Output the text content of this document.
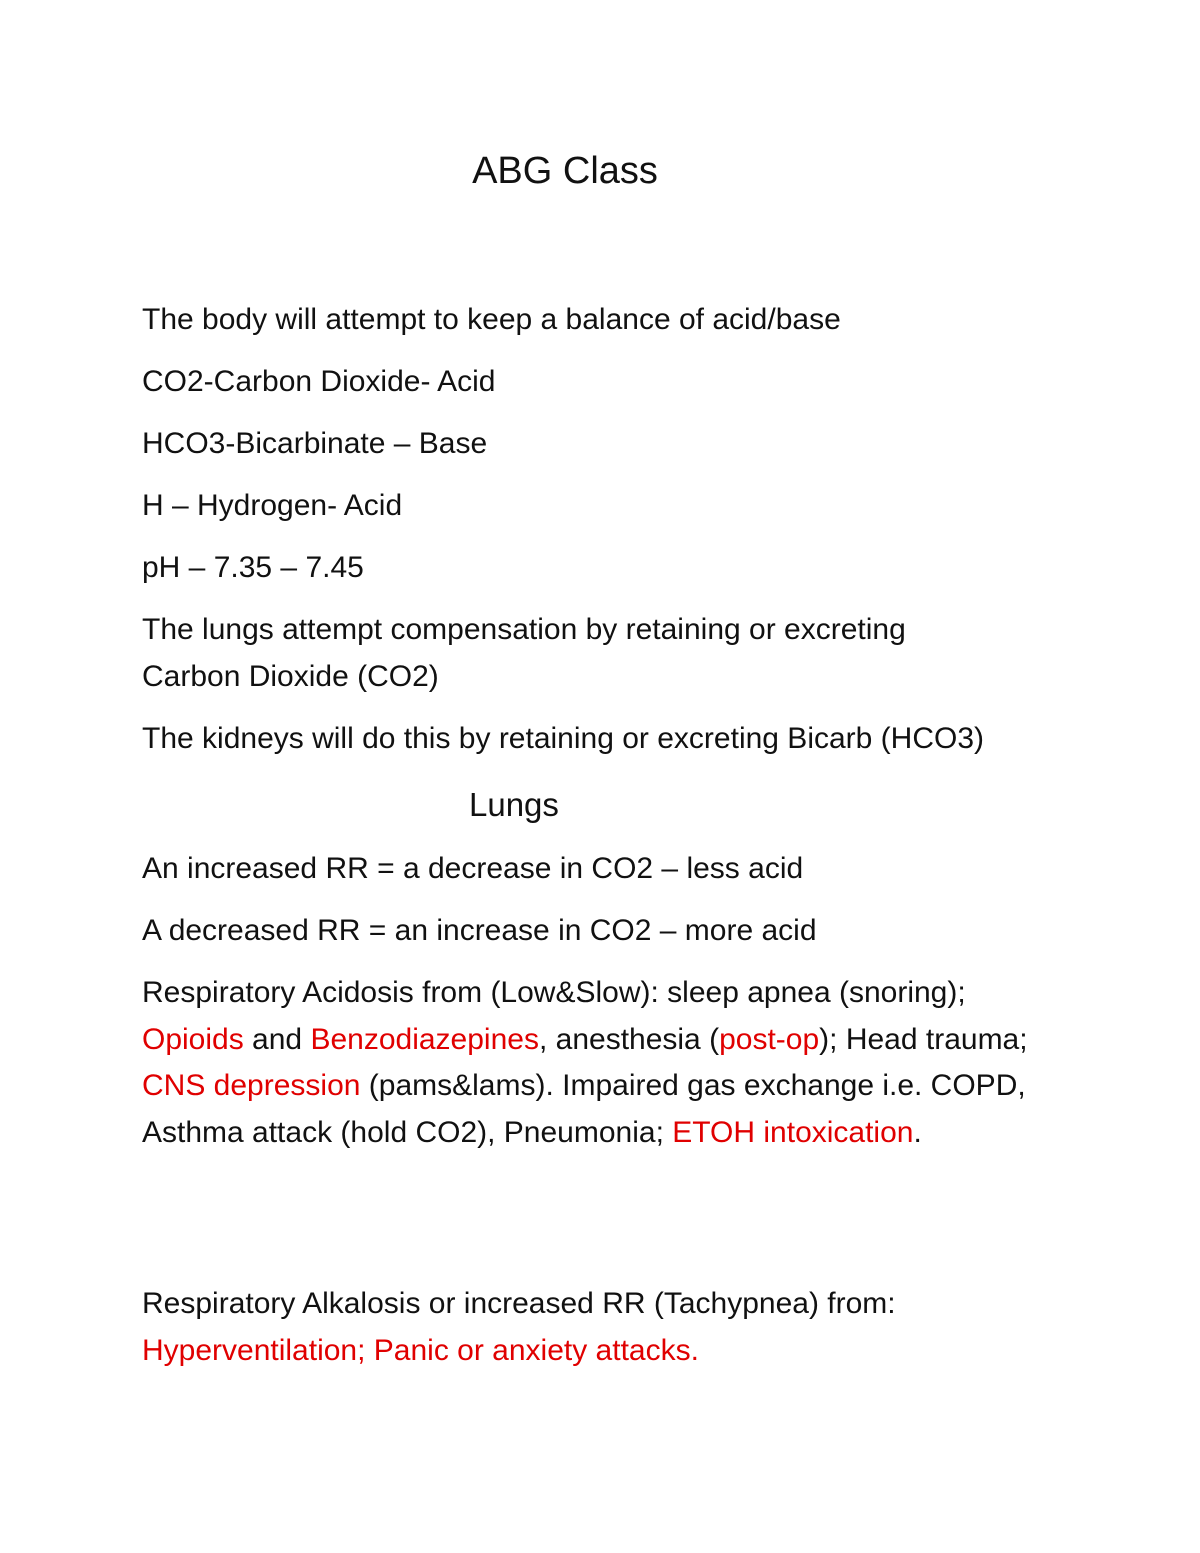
ABG Class
The body will attempt to keep a balance of acid/base
CO2-Carbon Dioxide- Acid
HCO3-Bicarbinate – Base
H – Hydrogen- Acid
pH – 7.35 – 7.45
The lungs attempt compensation by retaining or excreting
Carbon Dioxide (CO2)
The kidneys will do this by retaining or excreting Bicarb (HCO3)
Lungs
An increased RR = a decrease in CO2 – less acid
A decreased RR = an increase in CO2 – more acid
Respiratory Acidosis from (Low&Slow): sleep apnea (snoring); Opioids and Benzodiazepines, anesthesia (post-op); Head trauma; CNS depression (pams&lams). Impaired gas exchange i.e. COPD, Asthma attack (hold CO2), Pneumonia; ETOH intoxication.
Respiratory Alkalosis or increased RR (Tachypnea) from:
Hyperventilation; Panic or anxiety attacks.
